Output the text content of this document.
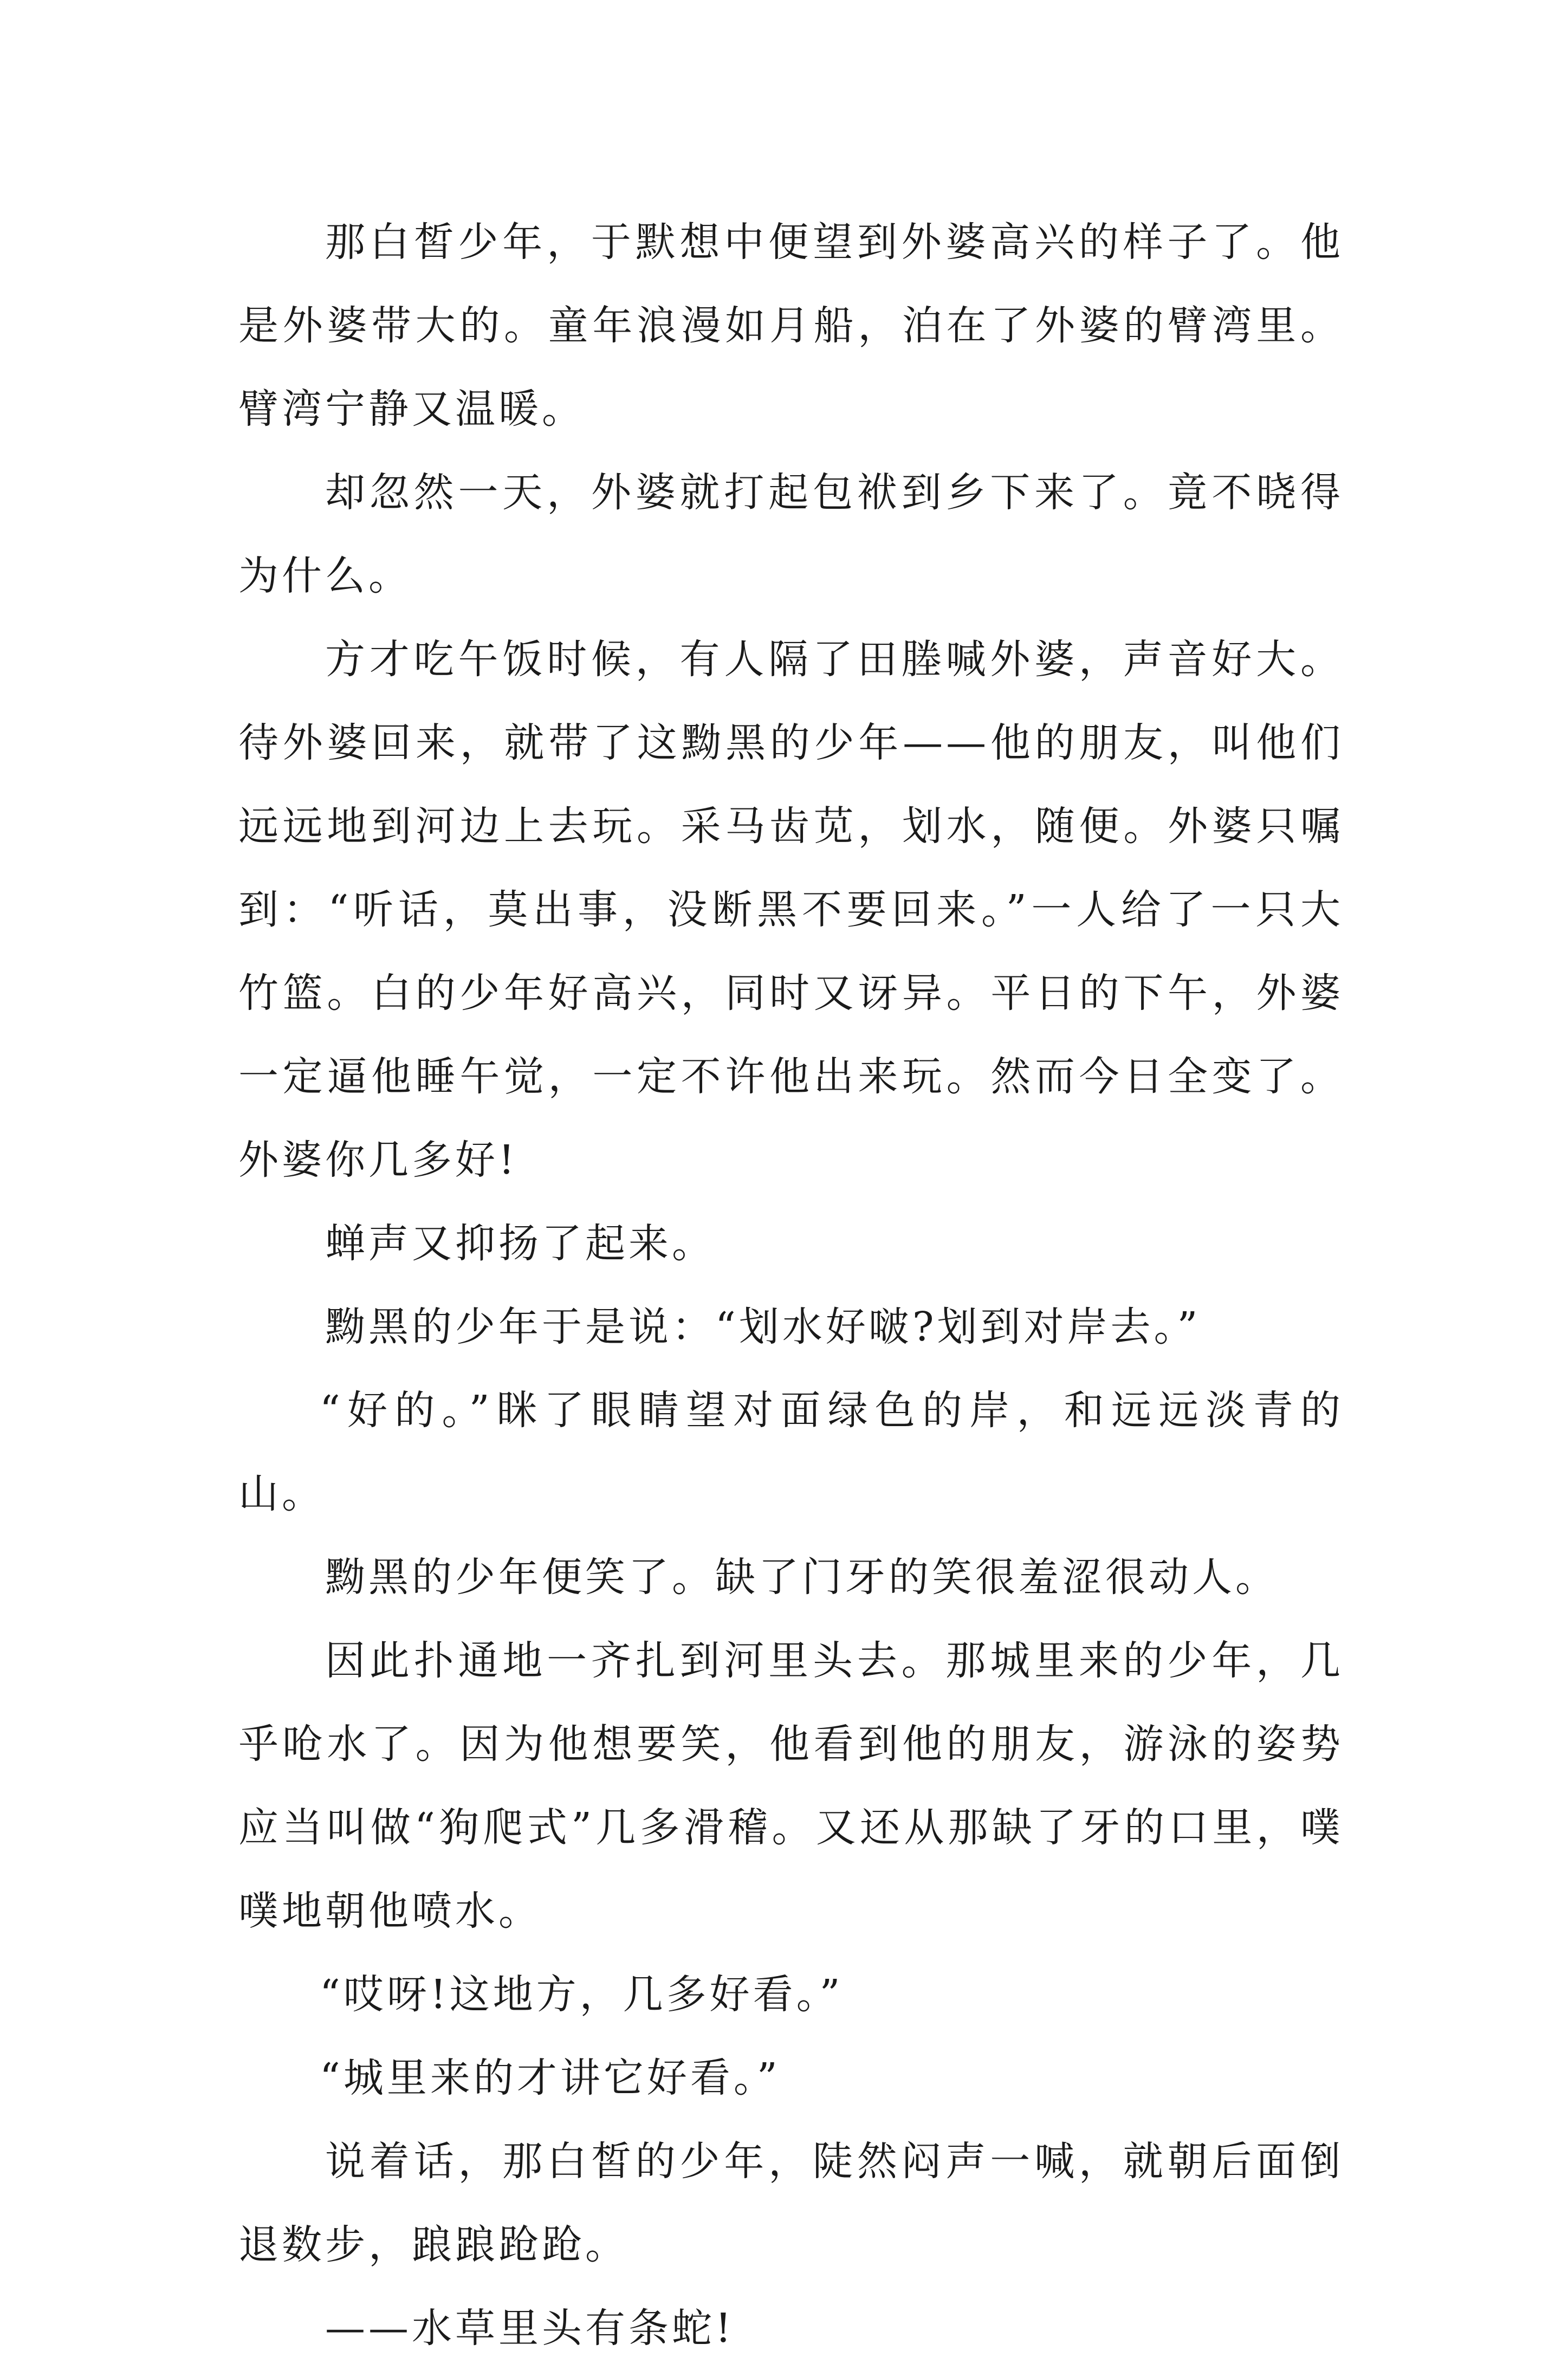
那白皙少年，于默想中便望到外婆高兴的样子了。他是外婆带大的。童年浪漫如月船，泊在了外婆的臂湾里。臂湾宁静又温暖。

却忽然一天，外婆就打起包袱到乡下来了。竟不晓得为什么。

方才吃午饭时候，有人隔了田塍喊外婆，声音好大。待外婆回来，就带了这黝黑的少年——他的朋友，叫他们远远地到河边上去玩。采马齿苋，划水，随便。外婆只嘱到：“听话，莫出事，没断黑不要回来。”一人给了一只大竹篮。白的少年好高兴，同时又讶异。平日的下午，外婆一定逼他睡午觉，一定不许他出来玩。然而今日全变了。外婆你几多好!

蝉声又抑扬了起来。

黝黑的少年于是说：“划水好啵?划到对岸去。”

“好的。”眯了眼睛望对面绿色的岸，和远远淡青的山。

黝黑的少年便笑了。缺了门牙的笑很羞涩很动人。

因此扑通地一齐扎到河里头去。那城里来的少年，几乎呛水了。因为他想要笑，他看到他的朋友，游泳的姿势应当叫做“狗爬式”几多滑稽。又还从那缺了牙的口里，噗噗地朝他喷水。

“哎呀!这地方，几多好看。”

“城里来的才讲它好看。”

说着话，那白皙的少年，陡然闷声一喊，就朝后面倒退数步，踉踉跄跄。

——水草里头有条蛇!
